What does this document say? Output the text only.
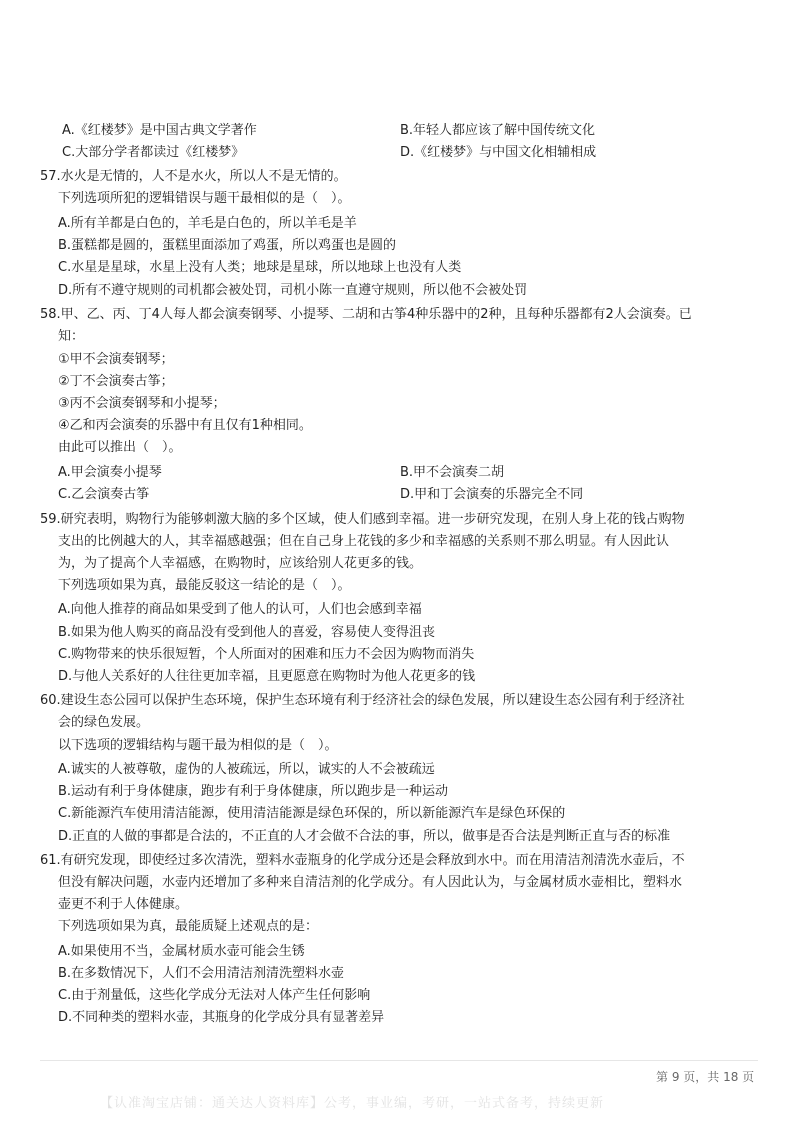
A.《红楼梦》是中国古典文学著作	B.年轻人都应该了解中国传统文化
C.大部分学者都读过《红楼梦》	D.《红楼梦》与中国文化相辅相成
57.水火是无情的，人不是水火，所以人不是无情的。
下列选项所犯的逻辑错误与题干最相似的是（　）。
A.所有羊都是白色的，羊毛是白色的，所以羊毛是羊
B.蛋糕都是圆的，蛋糕里面添加了鸡蛋，所以鸡蛋也是圆的
C.水星是星球，水星上没有人类；地球是星球，所以地球上也没有人类
D.所有不遵守规则的司机都会被处罚，司机小陈一直遵守规则，所以他不会被处罚
58.甲、乙、丙、丁4人每人都会演奏钢琴、小提琴、二胡和古筝4种乐器中的2种，且每种乐器都有2人会演奏。已
知：
①甲不会演奏钢琴；
②丁不会演奏古筝；
③丙不会演奏钢琴和小提琴；
④乙和丙会演奏的乐器中有且仅有1种相同。
由此可以推出（　）。
A.甲会演奏小提琴	B.甲不会演奏二胡
C.乙会演奏古筝	D.甲和丁会演奏的乐器完全不同
59.研究表明，购物行为能够刺激大脑的多个区域，使人们感到幸福。进一步研究发现，在别人身上花的钱占购物
支出的比例越大的人，其幸福感越强；但在自己身上花钱的多少和幸福感的关系则不那么明显。有人因此认
为，为了提高个人幸福感，在购物时，应该给别人花更多的钱。
下列选项如果为真，最能反驳这一结论的是（　）。
A.向他人推荐的商品如果受到了他人的认可，人们也会感到幸福
B.如果为他人购买的商品没有受到他人的喜爱，容易使人变得沮丧
C.购物带来的快乐很短暂，个人所面对的困难和压力不会因为购物而消失
D.与他人关系好的人往往更加幸福，且更愿意在购物时为他人花更多的钱
60.建设生态公园可以保护生态环境，保护生态环境有利于经济社会的绿色发展，所以建设生态公园有利于经济社
会的绿色发展。
以下选项的逻辑结构与题干最为相似的是（　）。
A.诚实的人被尊敬，虚伪的人被疏远，所以，诚实的人不会被疏远
B.运动有利于身体健康，跑步有利于身体健康，所以跑步是一种运动
C.新能源汽车使用清洁能源，使用清洁能源是绿色环保的，所以新能源汽车是绿色环保的
D.正直的人做的事都是合法的，不正直的人才会做不合法的事，所以，做事是否合法是判断正直与否的标准
61.有研究发现，即使经过多次清洗，塑料水壶瓶身的化学成分还是会释放到水中。而在用清洁剂清洗水壶后，不
但没有解决问题，水壶内还增加了多种来自清洁剂的化学成分。有人因此认为，与金属材质水壶相比，塑料水
壶更不利于人体健康。
下列选项如果为真，最能质疑上述观点的是：
A.如果使用不当，金属材质水壶可能会生锈
B.在多数情况下，人们不会用清洁剂清洗塑料水壶
C.由于剂量低，这些化学成分无法对人体产生任何影响
D.不同种类的塑料水壶，其瓶身的化学成分具有显著差异
第 9 页，共 18 页
【认准淘宝店铺：通关达人资料库】公考，事业编，考研，一站式备考，持续更新
